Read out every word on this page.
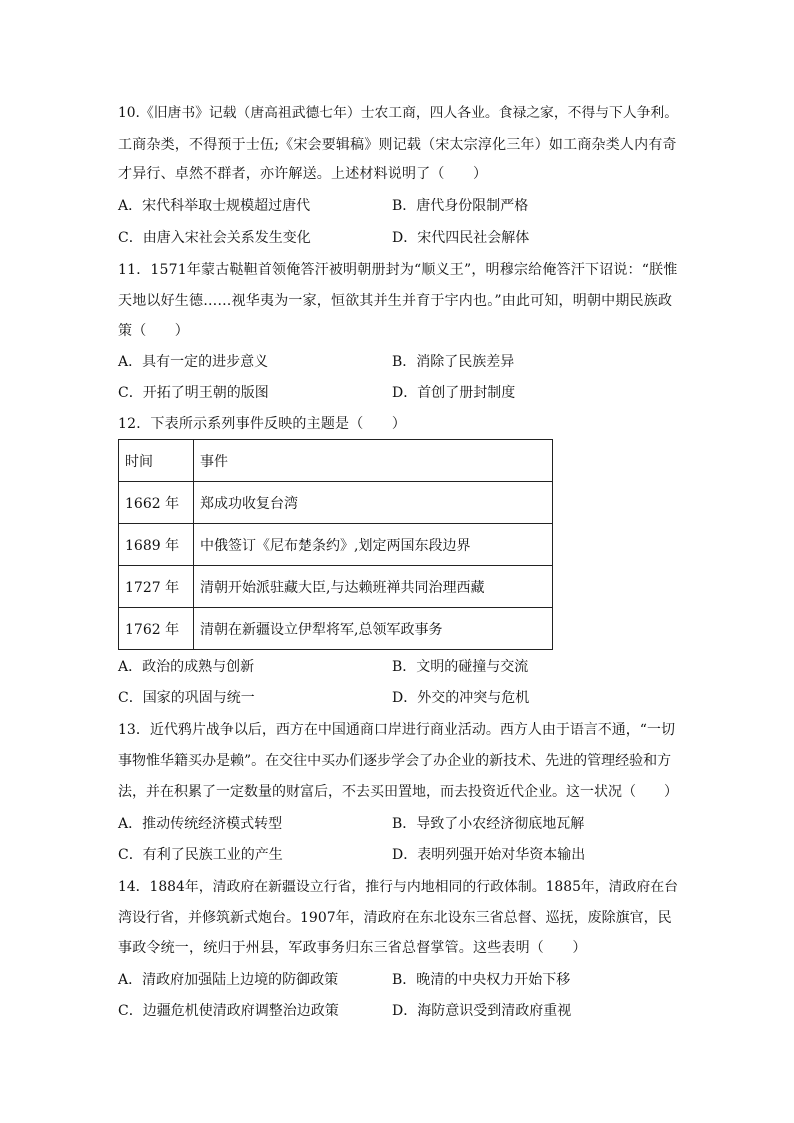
10.《旧唐书》记载（唐高祖武德七年）士农工商，四人各业。食禄之家，不得与下人争利。
工商杂类，不得预于士伍;《宋会要辑稿》则记载（宋太宗淳化三年）如工商杂类人内有奇
才异行、卓然不群者，亦许解送。上述材料说明了（　　）
A．宋代科举取士规模超过唐代	B．唐代身份限制严格
C．由唐入宋社会关系发生变化	D．宋代四民社会解体
11．1571年蒙古鞑靼首领俺答汗被明朝册封为“顺义王”，明穆宗给俺答汗下诏说：“朕惟
天地以好生德……视华夷为一家，恒欲其并生并育于宇内也。”由此可知，明朝中期民族政
策（　　）
A．具有一定的进步意义	B．消除了民族差异
C．开拓了明王朝的版图	D．首创了册封制度
12．下表所示系列事件反映的主题是（　　）
时间	事件
1662 年	郑成功收复台湾
1689 年	中俄签订《尼布楚条约》,划定两国东段边界
1727 年	清朝开始派驻藏大臣,与达赖班禅共同治理西藏
1762 年	清朝在新疆设立伊犁将军,总领军政事务
A．政治的成熟与创新	B．文明的碰撞与交流
C．国家的巩固与统一	D．外交的冲突与危机
13．近代鸦片战争以后，西方在中国通商口岸进行商业活动。西方人由于语言不通，“一切
事物惟华籍买办是赖”。在交往中买办们逐步学会了办企业的新技术、先进的管理经验和方
法，并在积累了一定数量的财富后，不去买田置地，而去投资近代企业。这一状况（　　）
A．推动传统经济模式转型	B．导致了小农经济彻底地瓦解
C．有利了民族工业的产生	D．表明列强开始对华资本输出
14．1884年，清政府在新疆设立行省，推行与内地相同的行政体制。1885年，清政府在台
湾设行省，并修筑新式炮台。1907年，清政府在东北设东三省总督、巡抚，废除旗官，民
事政令统一，统归于州县，军政事务归东三省总督掌管。这些表明（　　）
A．清政府加强陆上边境的防御政策	B．晚清的中央权力开始下移
C．边疆危机使清政府调整治边政策	D．海防意识受到清政府重视
